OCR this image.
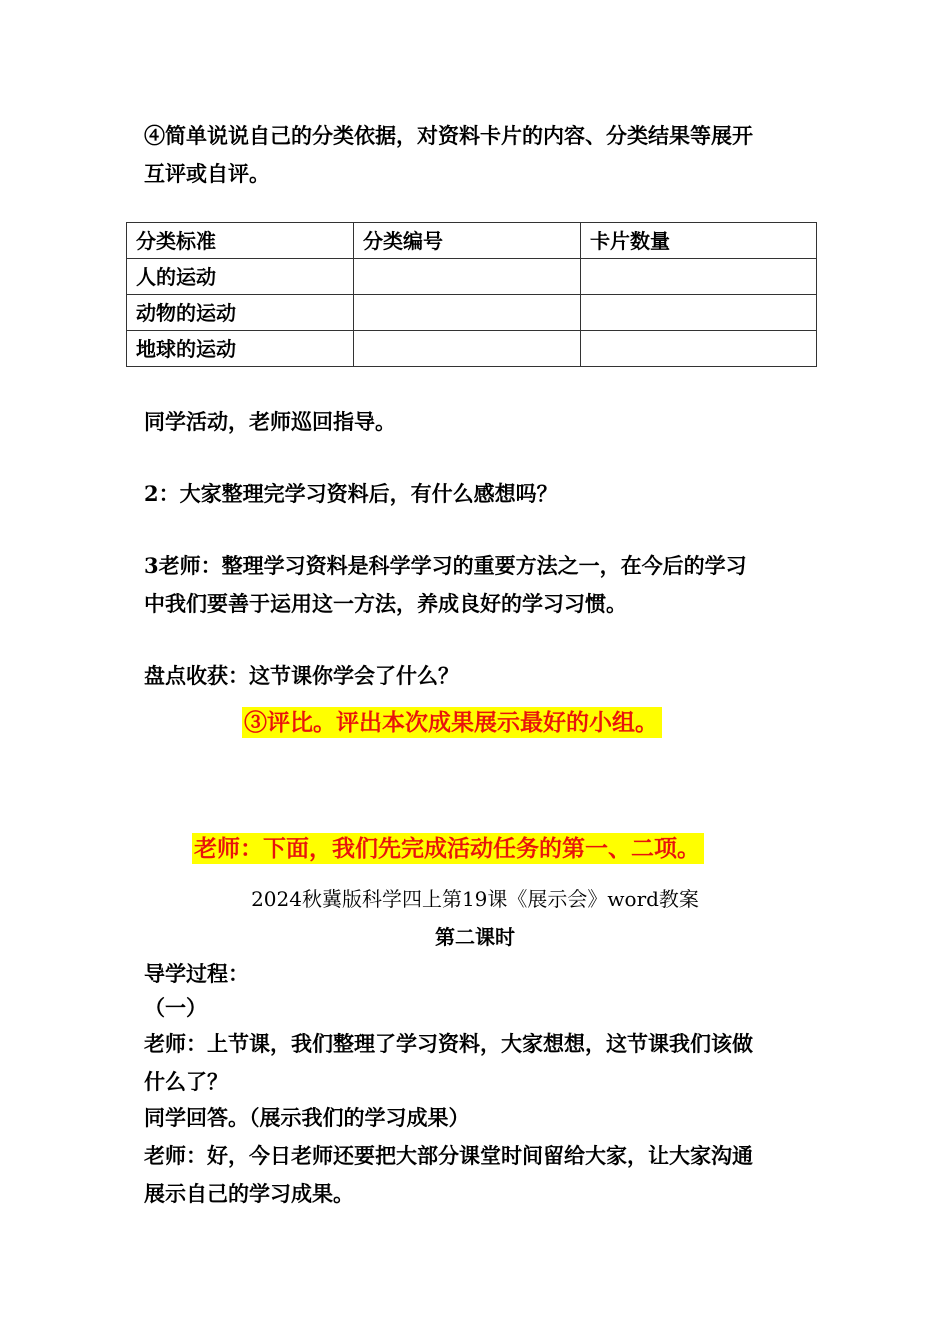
④简单说说自己的分类依据，对资料卡片的内容、分类结果等展开

互评或自评。

分类标准	分类编号	卡片数量
人的运动		
动物的运动		
地球的运动		

同学活动，老师巡回指导。

2：大家整理完学习资料后，有什么感想吗？

3老师：整理学习资料是科学学习的重要方法之一，在今后的学习

中我们要善于运用这一方法，养成良好的学习习惯。

盘点收获：这节课你学会了什么？

③评比。评出本次成果展示最好的小组。
老师：下面，我们先完成活动任务的第一、二项。
2024秋冀版科学四上第19课《展示会》word教案
第二课时

导学过程：

（一）

老师：上节课，我们整理了学习资料，大家想想，这节课我们该做

什么了？

同学回答。（展示我们的学习成果）

老师：好，今日老师还要把大部分课堂时间留给大家，让大家沟通

展示自己的学习成果。
